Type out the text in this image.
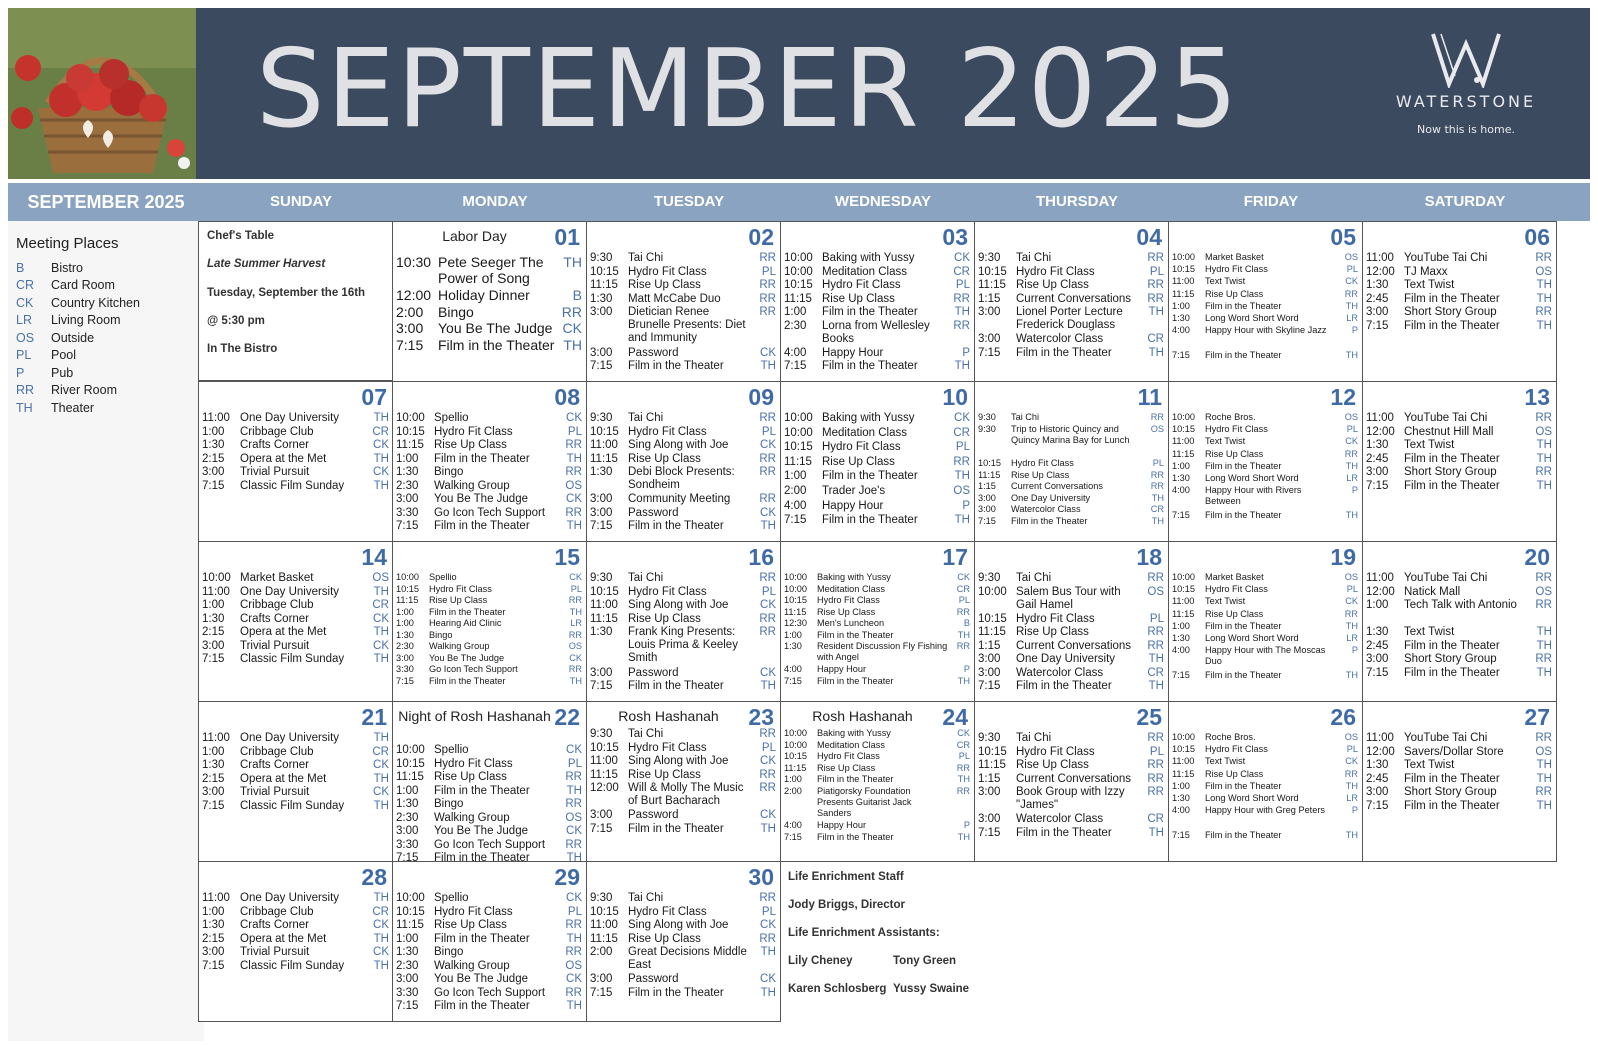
SEPTEMBER 2025	WATERSTONE
Now this is home.
SEPTEMBER 2025	SUNDAY	MONDAY	TUESDAY	WEDNESDAY	THURSDAY	FRIDAY	SATURDAY
Meeting Places
B Bistro
CR Card Room
CK Country Kitchen
LR Living Room
OS Outside
PL Pool
P Pub
RR River Room
TH Theater
Chef's Table
Late Summer Harvest
Tuesday, September the 16th
@ 5:30 pm
In The Bistro
Life Enrichment Staff
Jody Briggs, Director
Life Enrichment Assistants:
Lily Cheney	Tony Green
Karen Schlosberg Yussy Swaine
01
Labor Day
10:30 Pete Seeger The Power of Song
TH
12:00 Holiday Dinner	B
2:00 Bingo	RR
3:00 You Be The Judge CK
7:15 Film in the Theater TH
02
9:30 Tai Chi	RR
10:15 Hydro Fit Class	PL
11:15 Rise Up Class	RR
1:30 Matt McCabe Duo	RR
3:00 Dietician Renee Brunelle Presents: Diet and Immunity
RR
3:00 Password	CK
7:15 Film in the Theater	TH
03
10:00 Baking with Yussy	CK
10:00 Meditation Class	CR
10:15 Hydro Fit Class	PL
11:15 Rise Up Class	RR
1:00 Film in the Theater	TH
2:30 Lorna from Wellesley Books
RR
4:00 Happy Hour	P
7:15 Film in the Theater	TH
04
9:30 Tai Chi	RR
10:15 Hydro Fit Class	PL
11:15 Rise Up Class	RR
1:15 Current Conversations	RR
3:00 Lionel Porter Lecture Frederick Douglass
TH
3:00 Watercolor Class	CR
7:15 Film in the Theater	TH
05
10:00 Market Basket	OS
10:15 Hydro Fit Class	PL
11:00 Text Twist	CK
11:15 Rise Up Class	RR
1:00 Film in the Theater	TH
1:30 Long Word Short Word	LR
4:00 Happy Hour with Skyline Jazz	P
7:15 Film in the Theater	TH
06
11:00 YouTube Tai Chi	RR
12:00 TJ Maxx	OS
1:30 Text Twist	TH
2:45 Film in the Theater	TH
3:00 Short Story Group	RR
7:15 Film in the Theater	TH
07
11:00 One Day University	TH
1:00 Cribbage Club	CR
1:30 Crafts Corner	CK
2:15 Opera at the Met	TH
3:00 Trivial Pursuit	CK
7:15 Classic Film Sunday	TH
08
10:00 Spellio	CK
10:15 Hydro Fit Class	PL
11:15 Rise Up Class	RR
1:00 Film in the Theater	TH
1:30 Bingo	RR
2:30 Walking Group	OS
3:00 You Be The Judge	CK
3:30 Go Icon Tech Support	RR
7:15 Film in the Theater	TH
09
9:30 Tai Chi	RR
10:15 Hydro Fit Class	PL
11:00 Sing Along with Joe	CK
11:15 Rise Up Class	RR
1:30 Debi Block Presents: Sondheim
RR
3:00 Community Meeting	RR
3:00 Password	CK
7:15 Film in the Theater	TH
10
10:00 Baking with Yussy	CK
10:00 Meditation Class	CR
10:15 Hydro Fit Class	PL
11:15 Rise Up Class	RR
1:00 Film in the Theater	TH
2:00 Trader Joe's	OS
4:00 Happy Hour	P
7:15 Film in the Theater	TH
11
9:30 Tai Chi	RR
9:30 Trip to Historic Quincy and Quincy Marina Bay for Lunch
OS
10:15 Hydro Fit Class	PL
11:15 Rise Up Class	RR
1:15 Current Conversations	RR
3:00 One Day University	TH
3:00 Watercolor Class	CR
7:15 Film in the Theater	TH
12
10:00 Roche Bros.	OS
10:15 Hydro Fit Class	PL
11:00 Text Twist	CK
11:15 Rise Up Class	RR
1:00 Film in the Theater	TH
1:30 Long Word Short Word	LR
4:00 Happy Hour with Rivers Between
P
7:15 Film in the Theater	TH
13
11:00 YouTube Tai Chi	RR
12:00 Chestnut Hill Mall	OS
1:30 Text Twist	TH
2:45 Film in the Theater	TH
3:00 Short Story Group	RR
7:15 Film in the Theater	TH
14
10:00 Market Basket	OS
11:00 One Day University	TH
1:00 Cribbage Club	CR
1:30 Crafts Corner	CK
2:15 Opera at the Met	TH
3:00 Trivial Pursuit	CK
7:15 Classic Film Sunday	TH
15
10:00 Spellio	CK
10:15 Hydro Fit Class	PL
11:15 Rise Up Class	RR
1:00 Film in the Theater	TH
1:00 Hearing Aid Clinic	LR
1:30 Bingo	RR
2:30 Walking Group	OS
3:00 You Be The Judge	CK
3:30 Go Icon Tech Support	RR
7:15 Film in the Theater	TH
16
9:30 Tai Chi	RR
10:15 Hydro Fit Class	PL
11:00 Sing Along with Joe	CK
11:15 Rise Up Class	RR
1:30 Frank King Presents: Louis Prima & Keeley Smith
RR
3:00 Password	CK
7:15 Film in the Theater	TH
17
10:00 Baking with Yussy	CK
10:00 Meditation Class	CR
10:15 Hydro Fit Class	PL
11:15 Rise Up Class	RR
12:30 Men's Luncheon	B
1:00 Film in the Theater	TH
1:30 Resident Discussion Fly Fishing with Angel
RR
4:00 Happy Hour	P
7:15 Film in the Theater	TH
18
9:30 Tai Chi	RR
10:00 Salem Bus Tour with Gail Hamel
OS
10:15 Hydro Fit Class	PL
11:15 Rise Up Class	RR
1:15 Current Conversations	RR
3:00 One Day University	TH
3:00 Watercolor Class	CR
7:15 Film in the Theater	TH
19
10:00 Market Basket	OS
10:15 Hydro Fit Class	PL
11:00 Text Twist	CK
11:15 Rise Up Class	RR
1:00 Film in the Theater	TH
1:30 Long Word Short Word	LR
4:00 Happy Hour with The Moscas Duo
P
7:15 Film in the Theater	TH
20
11:00 YouTube Tai Chi	RR
12:00 Natick Mall	OS
1:00 Tech Talk with Antonio	RR
1:30 Text Twist	TH
2:45 Film in the Theater	TH
3:00 Short Story Group	RR
7:15 Film in the Theater	TH
21
11:00 One Day University	TH
1:00 Cribbage Club	CR
1:30 Crafts Corner	CK
2:15 Opera at the Met	TH
3:00 Trivial Pursuit	CK
7:15 Classic Film Sunday	TH
22
Night of Rosh Hashanah
10:00 Spellio	CK
10:15 Hydro Fit Class	PL
11:15 Rise Up Class	RR
1:00 Film in the Theater	TH
1:30 Bingo	RR
2:30 Walking Group	OS
3:00 You Be The Judge	CK
3:30 Go Icon Tech Support	RR
7:15 Film in the Theater	TH
23
Rosh Hashanah
9:30 Tai Chi	RR
10:15 Hydro Fit Class	PL
11:00 Sing Along with Joe	CK
11:15 Rise Up Class	RR
12:00 Will & Molly The Music of Burt Bacharach
RR
3:00 Password	CK
7:15 Film in the Theater	TH
24
Rosh Hashanah
10:00 Baking with Yussy	CK
10:00 Meditation Class	CR
10:15 Hydro Fit Class	PL
11:15 Rise Up Class	RR
1:00 Film in the Theater	TH
2:00 Piatigorsky Foundation Presents Guitarist Jack Sanders
RR
4:00 Happy Hour	P
7:15 Film in the Theater	TH
25
9:30 Tai Chi	RR
10:15 Hydro Fit Class	PL
11:15 Rise Up Class	RR
1:15 Current Conversations	RR
3:00 Book Group with Izzy "James"
RR
3:00 Watercolor Class	CR
7:15 Film in the Theater	TH
26
10:00 Roche Bros.	OS
10:15 Hydro Fit Class	PL
11:00 Text Twist	CK
11:15 Rise Up Class	RR
1:00 Film in the Theater	TH
1:30 Long Word Short Word	LR
4:00 Happy Hour with Greg Peters	P
7:15 Film in the Theater	TH
27
11:00 YouTube Tai Chi	RR
12:00 Savers/Dollar Store	OS
1:30 Text Twist	TH
2:45 Film in the Theater	TH
3:00 Short Story Group	RR
7:15 Film in the Theater	TH
28
11:00 One Day University	TH
1:00 Cribbage Club	CR
1:30 Crafts Corner	CK
2:15 Opera at the Met	TH
3:00 Trivial Pursuit	CK
7:15 Classic Film Sunday	TH
29
10:00 Spellio	CK
10:15 Hydro Fit Class	PL
11:15 Rise Up Class	RR
1:00 Film in the Theater	TH
1:30 Bingo	RR
2:30 Walking Group	OS
3:00 You Be The Judge	CK
3:30 Go Icon Tech Support	RR
7:15 Film in the Theater	TH
30
9:30 Tai Chi	RR
10:15 Hydro Fit Class	PL
11:00 Sing Along with Joe	CK
11:15 Rise Up Class	RR
2:00 Great Decisions Middle East
TH
3:00 Password	CK
7:15 Film in the Theater	TH
